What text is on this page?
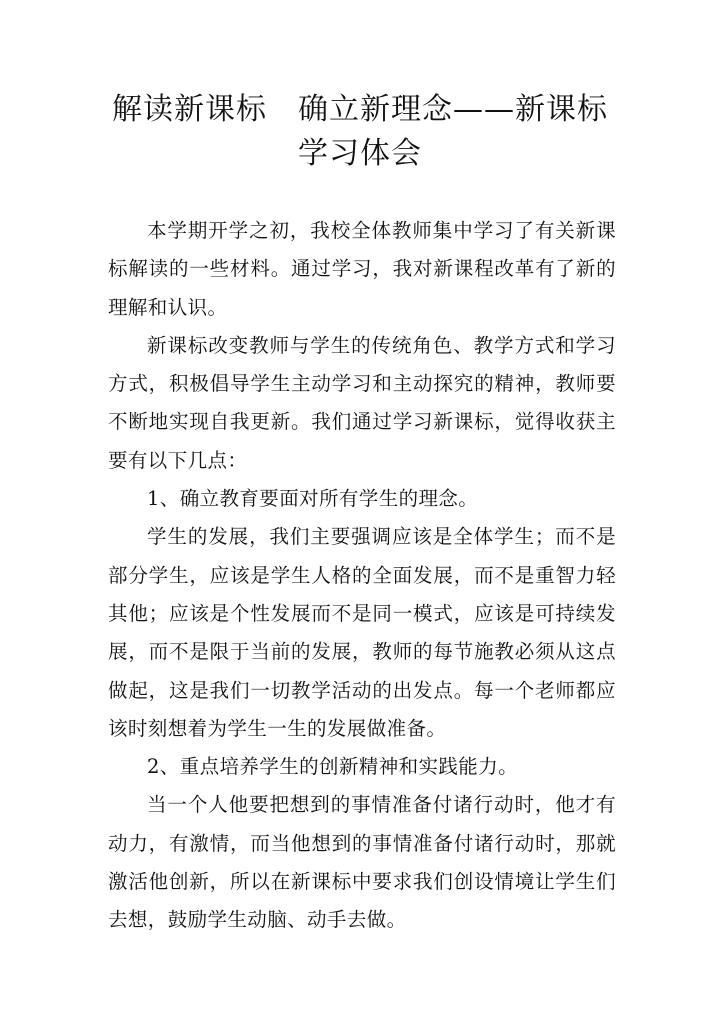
解读新课标　确立新理念——新课标学习体会

本学期开学之初，我校全体教师集中学习了有关新课标解读的一些材料。通过学习，我对新课程改革有了新的理解和认识。

新课标改变教师与学生的传统角色、教学方式和学习方式，积极倡导学生主动学习和主动探究的精神，教师要不断地实现自我更新。我们通过学习新课标，觉得收获主要有以下几点：

1、确立教育要面对所有学生的理念。

学生的发展，我们主要强调应该是全体学生；而不是部分学生，应该是学生人格的全面发展，而不是重智力轻其他；应该是个性发展而不是同一模式，应该是可持续发展，而不是限于当前的发展，教师的每节施教必须从这点做起，这是我们一切教学活动的出发点。每一个老师都应该时刻想着为学生一生的发展做准备。

2、重点培养学生的创新精神和实践能力。

当一个人他要把想到的事情准备付诸行动时，他才有动力，有激情，而当他想到的事情准备付诸行动时，那就激活他创新，所以在新课标中要求我们创设情境让学生们去想，鼓励学生动脑、动手去做。
